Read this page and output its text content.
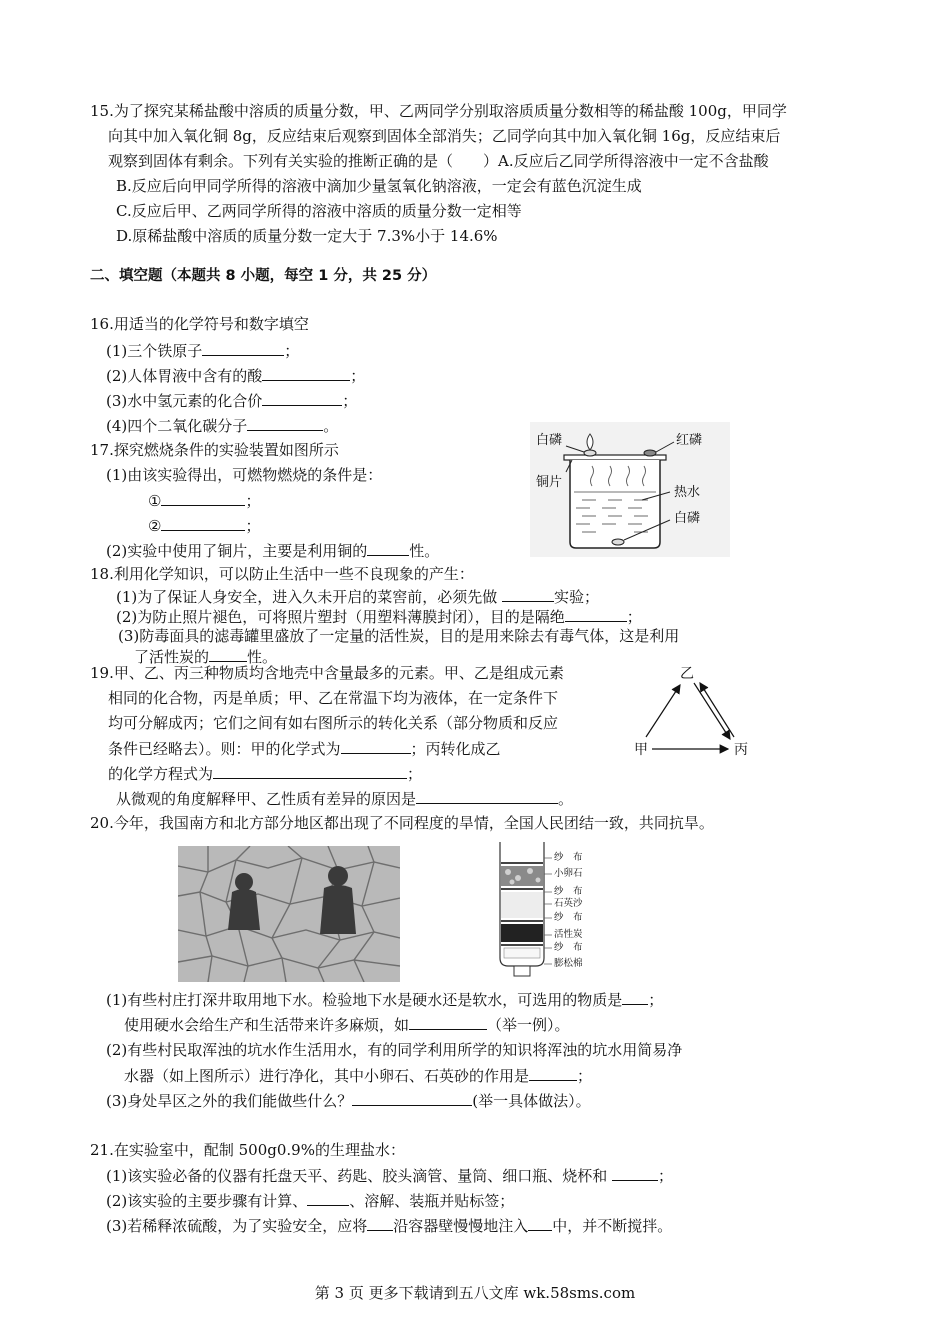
15.为了探究某稀盐酸中溶质的质量分数，甲、乙两同学分别取溶质质量分数相等的稀盐酸 100g，甲同学
向其中加入氧化铜 8g，反应结束后观察到固体全部消失；乙同学向其中加入氧化铜 16g，反应结束后
观察到固体有剩余。下列有关实验的推断正确的是（　　）A.反应后乙同学所得溶液中一定不含盐酸
B.反应后向甲同学所得的溶液中滴加少量氢氧化钠溶液，一定会有蓝色沉淀生成
C.反应后甲、乙两同学所得的溶液中溶质的质量分数一定相等
D.原稀盐酸中溶质的质量分数一定大于 7.3%小于 14.6%
二、填空题（本题共 8 小题，每空 1 分，共 25 分）
16.用适当的化学符号和数字填空
(1)三个铁原子	；
(2)人体胃液中含有的酸	；
(3)水中氢元素的化合价	；
(4)四个二氧化碳分子	。
17.探究燃烧条件的实验装置如图所示
(1)由该实验得出，可燃物燃烧的条件是：
①	；
②	；
(2)实验中使用了铜片，主要是利用铜的	性。
白磷	红磷
铜片
热水
白磷
18.利用化学知识，可以防止生活中一些不良现象的产生：
(1)为了保证人身安全，进入久未开启的菜窖前，必须先做	实验；
(2)为防止照片褪色，可将照片塑封（用塑料薄膜封闭），目的是隔绝	；
(3)防毒面具的滤毒罐里盛放了一定量的活性炭，目的是用来除去有毒气体，这是利用
了活性炭的	性。
19.甲、乙、丙三种物质均含地壳中含量最多的元素。甲、乙是组成元素
相同的化合物，丙是单质；甲、乙在常温下均为液体，在一定条件下
均可分解成丙；它们之间有如右图所示的转化关系（部分物质和反应
条件已经略去）。则：甲的化学式为	；丙转化成乙
的化学方程式为	；
从微观的角度解释甲、乙性质有差异的原因是	。
乙
甲	丙
20.今年，我国南方和北方部分地区都出现了不同程度的旱情，全国人民团结一致，共同抗旱。
纱　布
小卵石
纱　布
石英沙
纱　布
活性炭
纱　布
膨松棉
(1)有些村庄打深井取用地下水。检验地下水是硬水还是软水，可选用的物质是 ；
使用硬水会给生产和生活带来许多麻烦，如	（举一例）。
(2)有些村民取浑浊的坑水作生活用水，有的同学利用所学的知识将浑浊的坑水用简易净
水器（如上图所示）进行净化，其中小卵石、石英砂的作用是	；
(3)身处旱区之外的我们能做些什么？	(举一具体做法）。
21.在实验室中，配制 500g0.9%的生理盐水：
(1)该实验必备的仪器有托盘天平、药匙、胶头滴管、量筒、细口瓶、烧杯和	；
(2)该实验的主要步骤有计算、	、溶解、装瓶并贴标签；
(3)若稀释浓硫酸，为了实验安全，应将 沿容器壁慢慢地注入 中，并不断搅拌。
第 3 页 更多下载请到五八文库 wk.58sms.com
